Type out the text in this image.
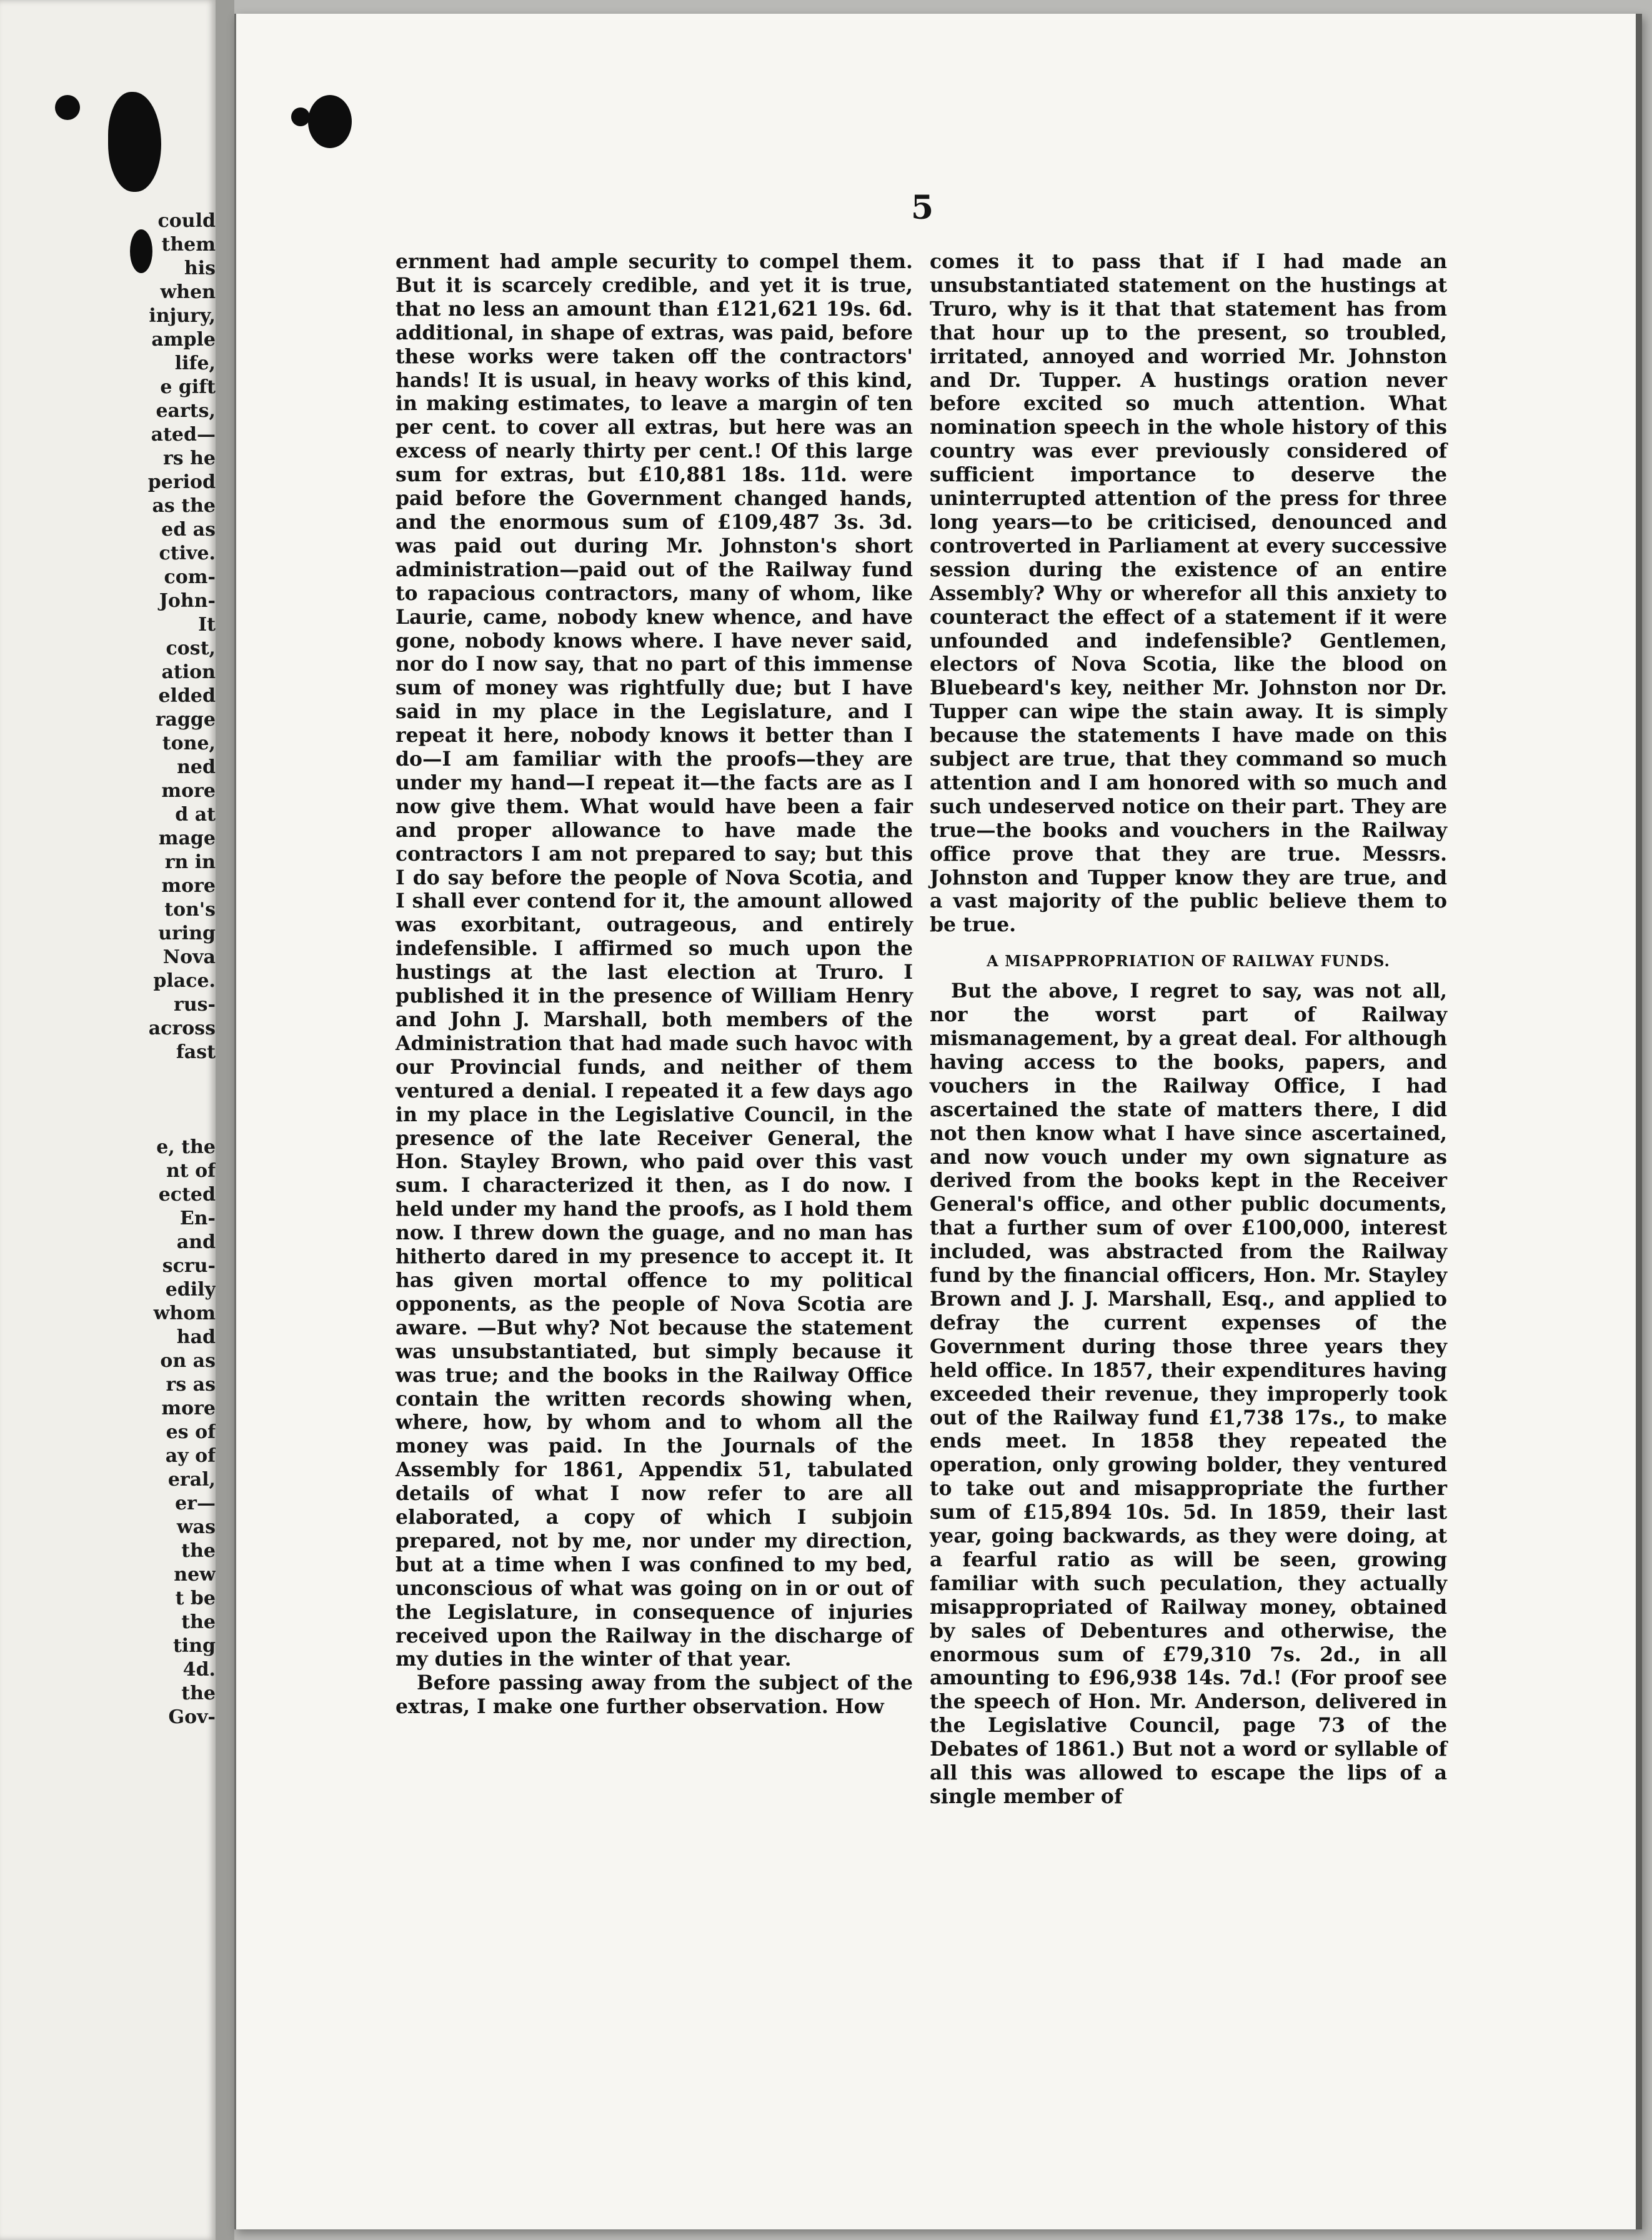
could
them
his
when
injury,
ample
life,
e gift
earts,
ated—
rs he
period
as the
ed as
ctive.
com-
John-
It
cost,
ation
elded
ragge
tone,
ned
more
d at
mage
rn in
more
ton's
uring
Nova
place.
rus-
across
fast
e, the
nt of
ected
En-
and
scru-
edily
whom
had
on as
rs as
more
es of
ay of
eral,
er—
was
the
new
t be
the
ting
4d.
the
Gov-
5

ernment had ample security to compel them. But it is scarcely credible, and yet it is true, that no less an amount than £121,621 19s. 6d. additional, in shape of extras, was paid, before these works were taken off the contractors' hands! It is usual, in heavy works of this kind, in making estimates, to leave a margin of ten per cent. to cover all extras, but here was an excess of nearly thirty per cent.! Of this large sum for extras, but £10,881 18s. 11d. were paid before the Government changed hands, and the enormous sum of £109,487 3s. 3d. was paid out during Mr. Johnston's short administration—paid out of the Railway fund to rapacious contractors, many of whom, like Laurie, came, nobody knew whence, and have gone, nobody knows where. I have never said, nor do I now say, that no part of this immense sum of money was rightfully due; but I have said in my place in the Legislature, and I repeat it here, nobody knows it better than I do—I am familiar with the proofs—they are under my hand—I repeat it—the facts are as I now give them. What would have been a fair and proper allowance to have made the contractors I am not prepared to say; but this I do say before the people of Nova Scotia, and I shall ever contend for it, the amount allowed was exorbitant, outrageous, and entirely indefensible. I affirmed so much upon the hustings at the last election at Truro. I published it in the presence of William Henry and John J. Marshall, both members of the Administration that had made such havoc with our Provincial funds, and neither of them ventured a denial. I repeated it a few days ago in my place in the Legislative Council, in the presence of the late Receiver General, the Hon. Stayley Brown, who paid over this vast sum. I characterized it then, as I do now. I held under my hand the proofs, as I hold them now. I threw down the guage, and no man has hitherto dared in my presence to accept it. It has given mortal offence to my political opponents, as the people of Nova Scotia are aware. —But why? Not because the statement was unsubstantiated, but simply because it was true; and the books in the Railway Office contain the written records showing when, where, how, by whom and to whom all the money was paid. In the Journals of the Assembly for 1861, Appendix 51, tabulated details of what I now refer to are all elaborated, a copy of which I subjoin prepared, not by me, nor under my direction, but at a time when I was confined to my bed, unconscious of what was going on in or out of the Legislature, in consequence of injuries received upon the Railway in the discharge of my duties in the winter of that year.

Before passing away from the subject of the extras, I make one further observation. How

comes it to pass that if I had made an unsubstantiated statement on the hustings at Truro, why is it that that statement has from that hour up to the present, so troubled, irritated, annoyed and worried Mr. Johnston and Dr. Tupper. A hustings oration never before excited so much attention. What nomination speech in the whole history of this country was ever previously considered of sufficient importance to deserve the uninterrupted attention of the press for three long years—to be criticised, denounced and controverted in Parliament at every successive session during the existence of an entire Assembly? Why or wherefor all this anxiety to counteract the effect of a statement if it were unfounded and indefensible? Gentlemen, electors of Nova Scotia, like the blood on Bluebeard's key, neither Mr. Johnston nor Dr. Tupper can wipe the stain away. It is simply because the statements I have made on this subject are true, that they command so much attention and I am honored with so much and such undeserved notice on their part. They are true—the books and vouchers in the Railway office prove that they are true. Messrs. Johnston and Tupper know they are true, and a vast majority of the public believe them to be true.

A MISAPPROPRIATION OF RAILWAY FUNDS.

But the above, I regret to say, was not all, nor the worst part of Railway mismanagement, by a great deal. For although having access to the books, papers, and vouchers in the Railway Office, I had ascertained the state of matters there, I did not then know what I have since ascertained, and now vouch under my own signature as derived from the books kept in the Receiver General's office, and other public documents, that a further sum of over £100,000, interest included, was abstracted from the Railway fund by the financial officers, Hon. Mr. Stayley Brown and J. J. Marshall, Esq., and applied to defray the current expenses of the Government during those three years they held office. In 1857, their expenditures having exceeded their revenue, they improperly took out of the Railway fund £1,738 17s., to make ends meet. In 1858 they repeated the operation, only growing bolder, they ventured to take out and misappropriate the further sum of £15,894 10s. 5d. In 1859, their last year, going backwards, as they were doing, at a fearful ratio as will be seen, growing familiar with such peculation, they actually misappropriated of Railway money, obtained by sales of Debentures and otherwise, the enormous sum of £79,310 7s. 2d., in all amounting to £96,938 14s. 7d.! (For proof see the speech of Hon. Mr. Anderson, delivered in the Legislative Council, page 73 of the Debates of 1861.) But not a word or syllable of all this was allowed to escape the lips of a single member of
